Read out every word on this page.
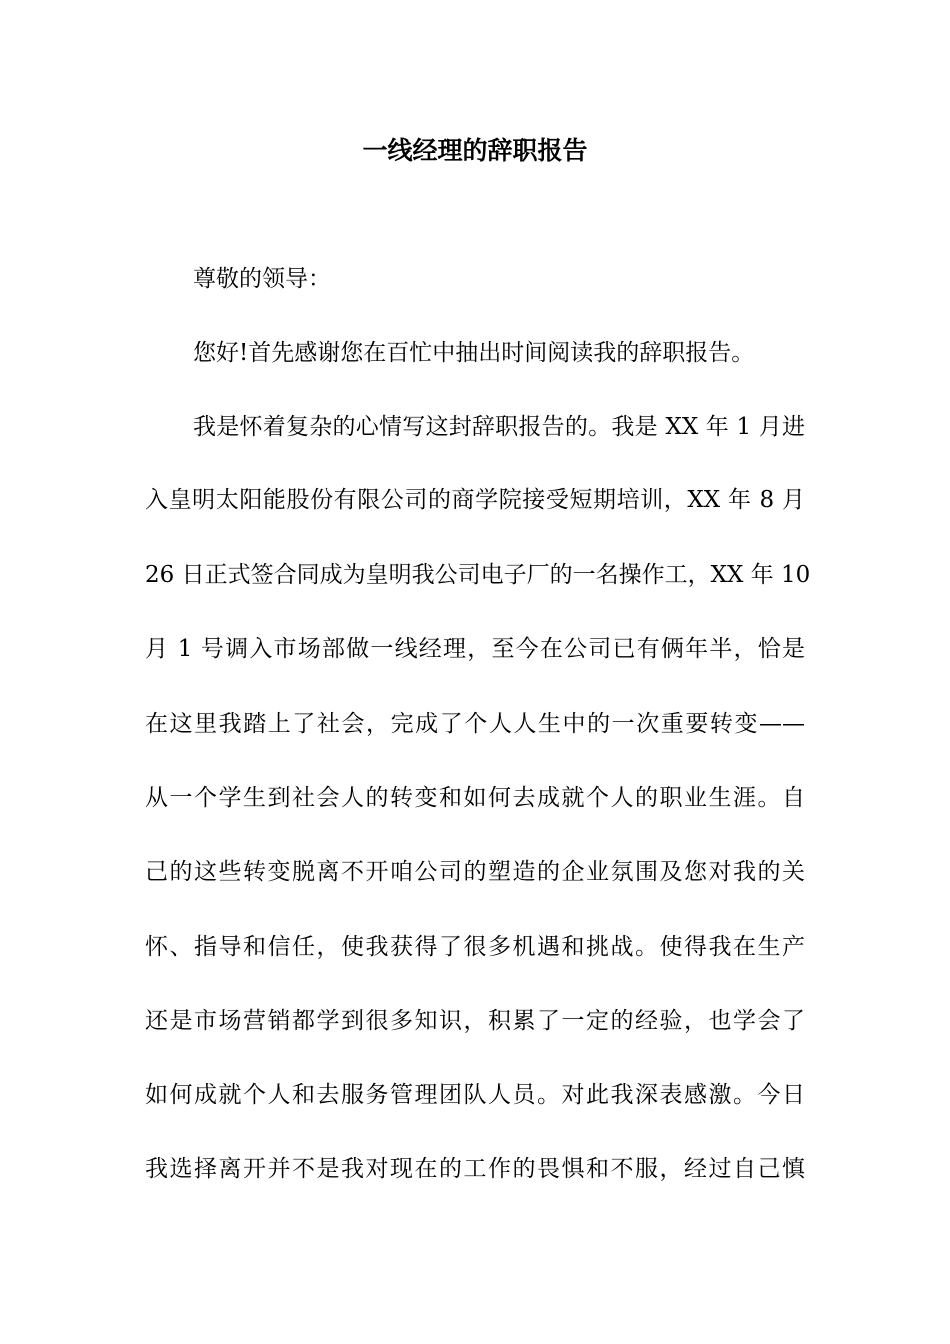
一线经理的辞职报告

尊敬的领导：

您好!首先感谢您在百忙中抽出时间阅读我的辞职报告。

我是怀着复杂的心情写这封辞职报告的。我是 XX 年 1 月进

入皇明太阳能股份有限公司的商学院接受短期培训，XX 年 8 月

26 日正式签合同成为皇明我公司电子厂的一名操作工，XX 年 10

月 1 号调入市场部做一线经理，至今在公司已有俩年半，恰是

在这里我踏上了社会，完成了个人人生中的一次重要转变——

从一个学生到社会人的转变和如何去成就个人的职业生涯。自

己的这些转变脱离不开咱公司的塑造的企业氛围及您对我的关

怀、指导和信任，使我获得了很多机遇和挑战。使得我在生产

还是市场营销都学到很多知识，积累了一定的经验，也学会了

如何成就个人和去服务管理团队人员。对此我深表感激。今日

我选择离开并不是我对现在的工作的畏惧和不服，经过自己慎
